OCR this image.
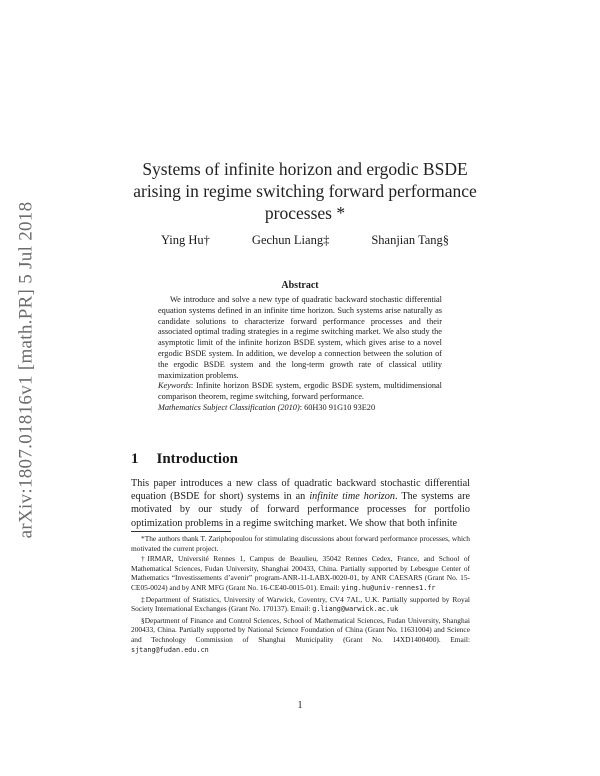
arXiv:1807.01816v1 [math.PR] 5 Jul 2018
Systems of infinite horizon and ergodic BSDE
arising in regime switching forward performance
processes *
Ying Hu†	Gechun Liang‡	Shanjian Tang§
Abstract

We introduce and solve a new type of quadratic backward stochastic differential equation systems defined in an infinite time horizon. Such systems arise naturally as candidate solutions to characterize forward performance processes and their associated optimal trading strategies in a regime switching market. We also study the asymptotic limit of the infinite horizon BSDE system, which gives arise to a novel ergodic BSDE system. In addition, we develop a connection between the solution of the ergodic BSDE system and the long-term growth rate of classical utility maximization problems.

Keywords: Infinite horizon BSDE system, ergodic BSDE system, multidimensional comparison theorem, regime switching, forward performance.

Mathematics Subject Classification (2010): 60H30 91G10 93E20

1 Introduction

This paper introduces a new class of quadratic backward stochastic differential equation (BSDE for short) systems in an infinite time horizon. The systems are motivated by our study of forward performance processes for portfolio optimization problems in a regime switching market. We show that both infinite

*The authors thank T. Zariphopoulou for stimulating discussions about forward performance processes, which motivated the current project.

†IRMAR, Université Rennes 1, Campus de Beaulieu, 35042 Rennes Cedex, France, and School of Mathematical Sciences, Fudan University, Shanghai 200433, China. Partially supported by Lebesgue Center of Mathematics “Investissements d’avenir” program-ANR-11-LABX-0020-01, by ANR CAESARS (Grant No. 15-CE05-0024) and by ANR MFG (Grant No. 16-CE40-0015-01). Email: ying.hu@univ-rennes1.fr

‡Department of Statistics, University of Warwick, Coventry, CV4 7AL, U.K. Partially supported by Royal Society International Exchanges (Grant No. 170137). Email: g.liang@warwick.ac.uk

§Department of Finance and Control Sciences, School of Mathematical Sciences, Fudan University, Shanghai 200433, China. Partially supported by National Science Foundation of China (Grant No. 11631004) and Science and Technology Commission of Shanghai Municipality (Grant No. 14XD1400400). Email: sjtang@fudan.edu.cn

1
